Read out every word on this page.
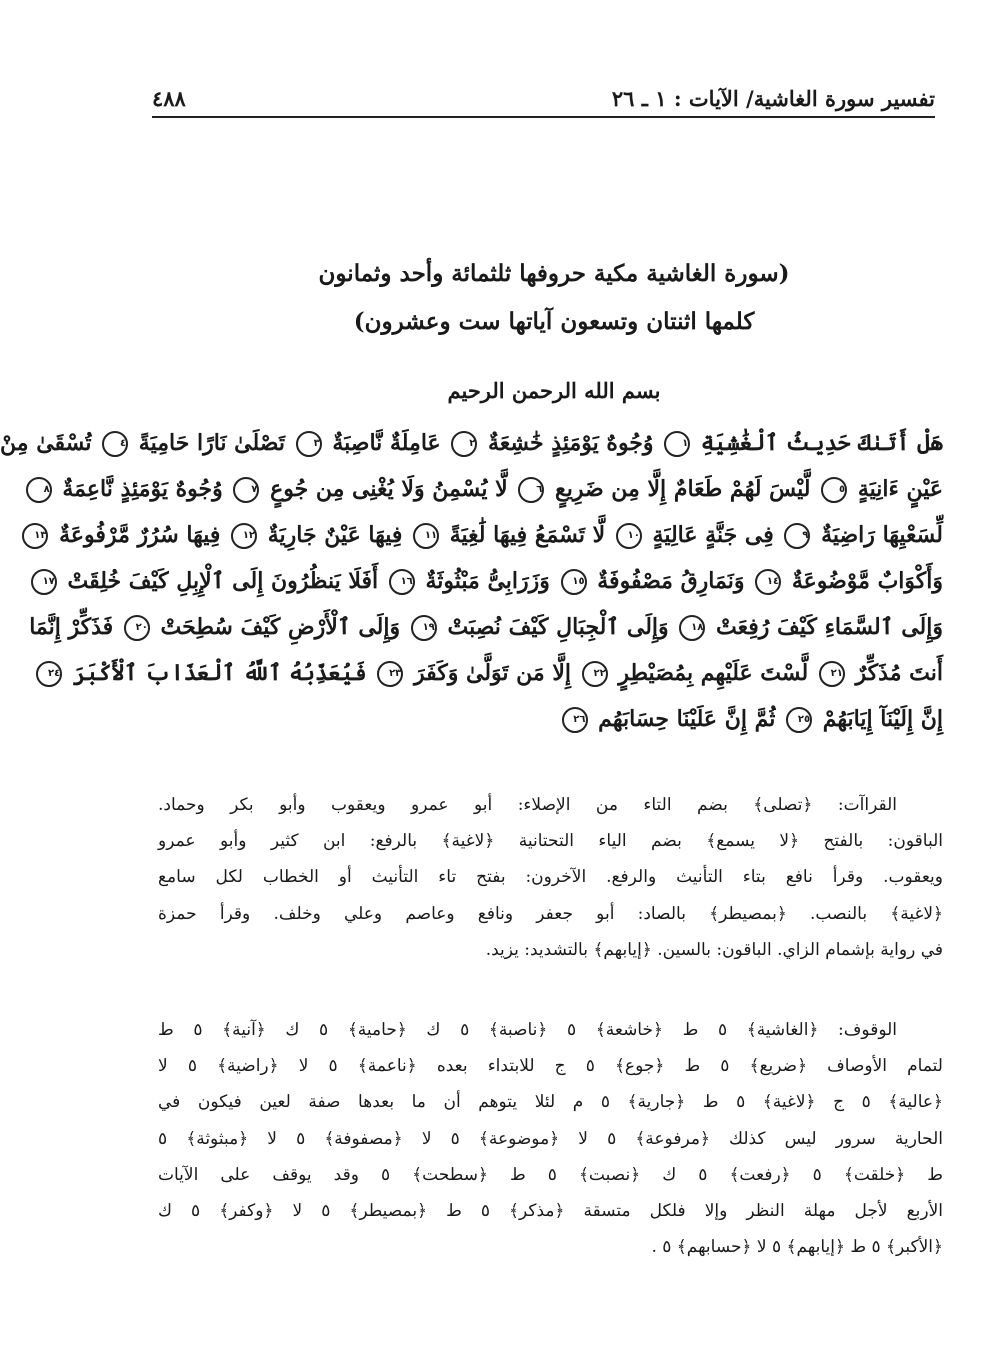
تفسير سورة الغاشية/ الآيات : ١ ـ ٢٦
٤٨٨
(سورة الغاشية مكية حروفها ثلثمائة وأحد وثمانون
كلمها اثنتان وتسعون آياتها ست وعشرون)
بسم الله الرحمن الرحيم
هَلْ أَتَىٰكَ حَدِيثُ ٱلْغَٰشِيَةِ ١ وُجُوهٌ يَوْمَئِذٍ خَٰشِعَةٌ ٢ عَامِلَةٌ نَّاصِبَةٌ ٣ تَصْلَىٰ نَارًا حَامِيَةً ٤ تُسْقَىٰ مِنْ
عَيْنٍ ءَانِيَةٍ ٥ لَّيْسَ لَهُمْ طَعَامٌ إِلَّا مِن ضَرِيعٍ ٦ لَّا يُسْمِنُ وَلَا يُغْنِى مِن جُوعٍ ٧ وُجُوهٌ يَوْمَئِذٍ نَّاعِمَةٌ ٨
لِّسَعْيِهَا رَاضِيَةٌ ٩ فِى جَنَّةٍ عَالِيَةٍ ١٠ لَّا تَسْمَعُ فِيهَا لَٰغِيَةً ١١ فِيهَا عَيْنٌ جَارِيَةٌ ١٢ فِيهَا سُرُرٌ مَّرْفُوعَةٌ ١٣
وَأَكْوَابٌ مَّوْضُوعَةٌ ١٤ وَنَمَارِقُ مَصْفُوفَةٌ ١٥ وَزَرَابِىُّ مَبْثُوثَةٌ ١٦ أَفَلَا يَنظُرُونَ إِلَى ٱلْإِبِلِ كَيْفَ خُلِقَتْ ١٧
وَإِلَى ٱلسَّمَاءِ كَيْفَ رُفِعَتْ ١٨ وَإِلَى ٱلْجِبَالِ كَيْفَ نُصِبَتْ ١٩ وَإِلَى ٱلْأَرْضِ كَيْفَ سُطِحَتْ ٢٠ فَذَكِّرْ إِنَّمَا
أَنتَ مُذَكِّرٌ ٢١ لَّسْتَ عَلَيْهِم بِمُصَيْطِرٍ ٢٢ إِلَّا مَن تَوَلَّىٰ وَكَفَرَ ٢٣ فَيُعَذِّبُهُ ٱللَّهُ ٱلْعَذَابَ ٱلْأَكْبَرَ ٢٤
إِنَّ إِلَيْنَآ إِيَابَهُمْ ٢٥ ثُمَّ إِنَّ عَلَيْنَا حِسَابَهُم ٢٦
القراآت: ﴿تصلى﴾ بضم التاء من الإصلاء: أبو عمرو ويعقوب وأبو بكر وحماد.
الباقون: بالفتح ﴿لا يسمع﴾ بضم الياء التحتانية ﴿لاغية﴾ بالرفع: ابن كثير وأبو عمرو
ويعقوب. وقرأ نافع بتاء التأنيث والرفع. الآخرون: بفتح تاء التأنيث أو الخطاب لكل سامع
﴿لاغية﴾ بالنصب. ﴿بمصيطر﴾ بالصاد: أبو جعفر ونافع وعاصم وعلي وخلف. وقرأ حمزة
في رواية بإشمام الزاي. الباقون: بالسين. ﴿إيابهم﴾ بالتشديد: يزيد.
الوقوف: ﴿الغاشية﴾ ٥ ط ﴿خاشعة﴾ ٥ ﴿ناصبة﴾ ٥ ك ﴿حامية﴾ ٥ ك ﴿آنية﴾ ٥ ط
لتمام الأوصاف ﴿ضريع﴾ ٥ ط ﴿جوع﴾ ٥ ج للابتداء بعده ﴿ناعمة﴾ ٥ لا ﴿راضية﴾ ٥ لا
﴿عالية﴾ ٥ ج ﴿لاغية﴾ ٥ ط ﴿جارية﴾ ٥ م لئلا يتوهم أن ما بعدها صفة لعين فيكون في
الحارية سرور ليس كذلك ﴿مرفوعة﴾ ٥ لا ﴿موضوعة﴾ ٥ لا ﴿مصفوفة﴾ ٥ لا ﴿مبثوثة﴾ ٥
ط ﴿خلقت﴾ ٥ ﴿رفعت﴾ ٥ ك ﴿نصبت﴾ ٥ ط ﴿سطحت﴾ ٥ وقد يوقف على الآيات
الأربع لأجل مهلة النظر وإلا فلكل متسقة ﴿مذكر﴾ ٥ ط ﴿بمصيطر﴾ ٥ لا ﴿وكفر﴾ ٥ ك
﴿الأكبر﴾ ٥ ط ﴿إيابهم﴾ ٥ لا ﴿حسابهم﴾ ٥ .
